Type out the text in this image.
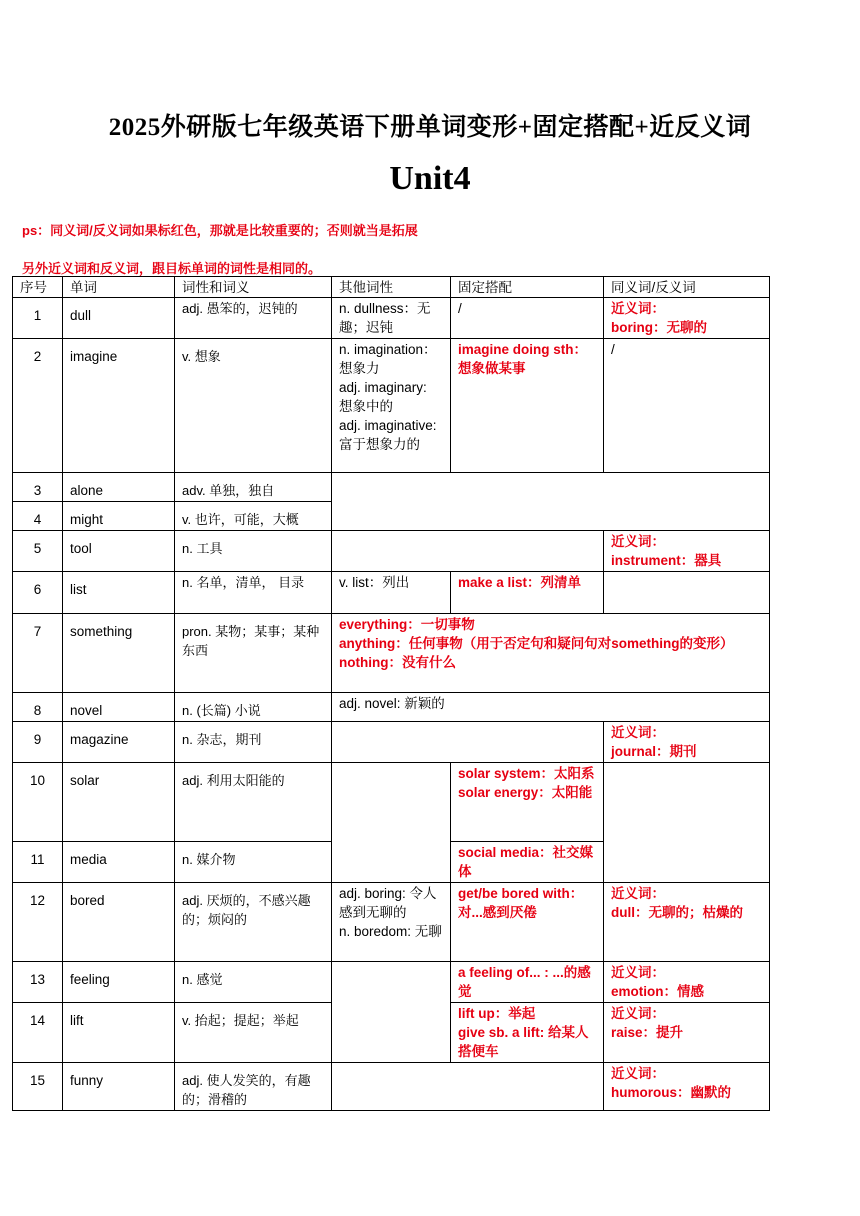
2025外研版七年级英语下册单词变形+固定搭配+近反义词
Unit4
ps：同义词/反义词如果标红色，那就是比较重要的；否则就当是拓展
另外近义词和反义词，跟目标单词的词性是相同的。
序号	单词	词性和词义	其他词性	固定搭配	同义词/反义词
1	dull	adj. 愚笨的，迟钝的	n. dullness：无趣；迟钝	/	近义词：
boring：无聊的

2	imagine	v. 想象	n. imagination：想象力
adj. imaginary: 想象中的
adj. imaginative: 富于想象力的	imagine doing sth：想象做某事	/
3	alone	adv. 单独，独自			
4	might	v. 也许，可能，大概			
5	tool	n. 工具			近义词：
instrument：器具

6	list	n. 名单，清单， 目录	v. list：列出	make a list：列清单	
7	something	pron. 某物；某事；某种东西	everything：一切事物
anything：任何事物（用于否定句和疑问句对something的变形）
nothing：没有什么		

8	novel	n. (长篇) 小说	adj. novel: 新颖的		
9	magazine	n. 杂志，期刊			近义词：
journal：期刊

10	solar	adj. 利用太阳能的		solar system：太阳系
solar energy：太阳能	

11	media	n. 媒介物		social media：社交媒体	

12	bored	adj. 厌烦的，不感兴趣的；烦闷的	adj. boring: 令人感到无聊的
n. boredom: 无聊	get/be bored with：对...感到厌倦	近义词：
dull：无聊的；枯燥的

13	feeling	n. 感觉		a feeling of... : ...的感觉	近义词：
emotion：情感

14	lift	v. 抬起；提起；举起		lift up：举起
give sb. a lift: 给某人搭便车	近义词：
raise：提升

15	funny	adj. 使人发笑的，有趣的；滑稽的			近义词：
humorous：幽默的
